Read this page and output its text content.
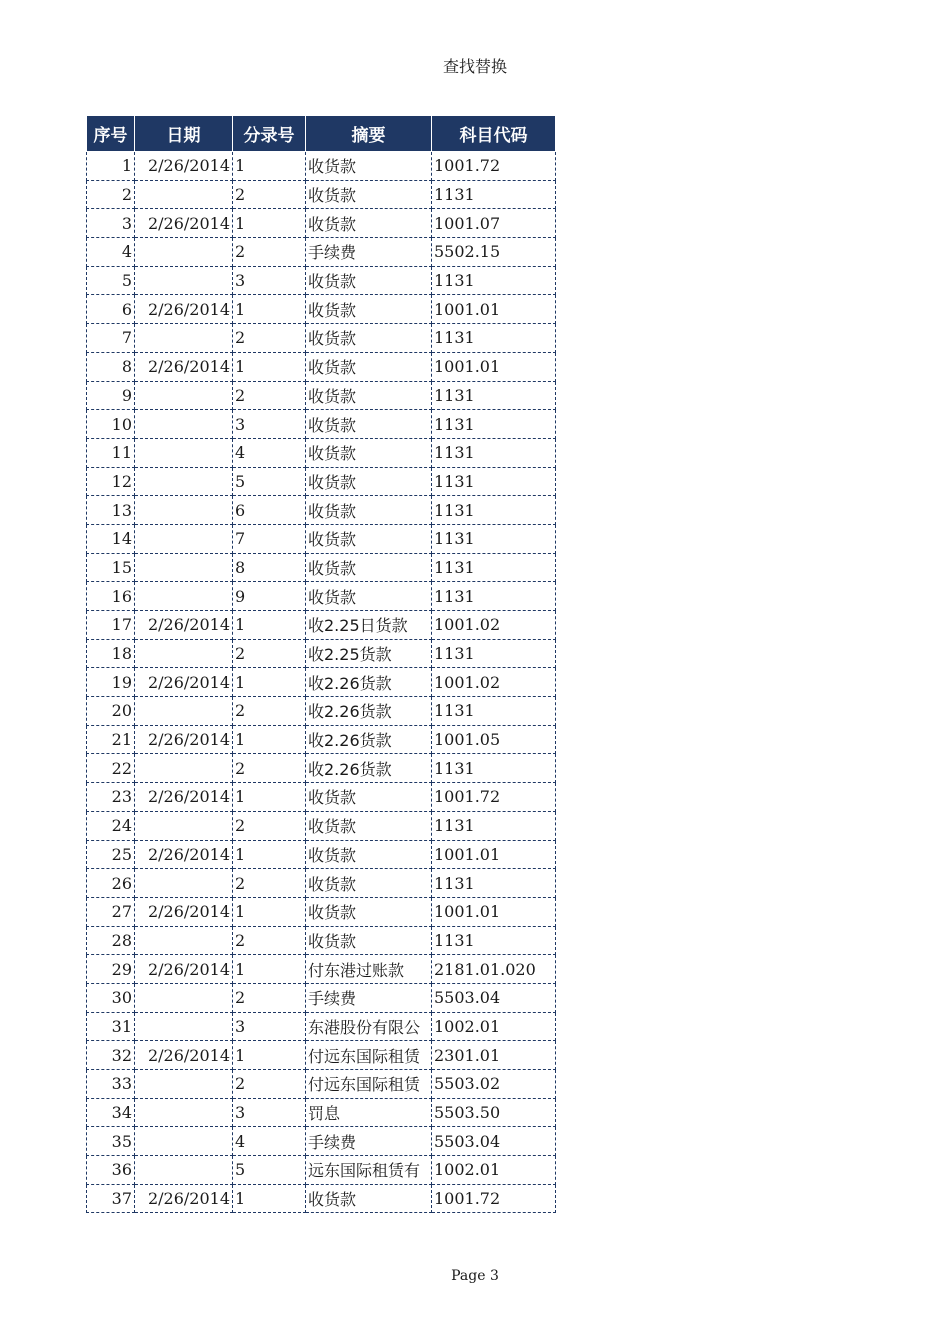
查找替换
序号	日期	分录号	摘要	科目代码
1	2/26/2014	1	收货款	1001.72
2		2	收货款	1131
3	2/26/2014	1	收货款	1001.07
4		2	手续费	5502.15
5		3	收货款	1131
6	2/26/2014	1	收货款	1001.01
7		2	收货款	1131
8	2/26/2014	1	收货款	1001.01
9		2	收货款	1131
10		3	收货款	1131
11		4	收货款	1131
12		5	收货款	1131
13		6	收货款	1131
14		7	收货款	1131
15		8	收货款	1131
16		9	收货款	1131
17	2/26/2014	1	收2.25日货款	1001.02
18		2	收2.25货款	1131
19	2/26/2014	1	收2.26货款	1001.02
20		2	收2.26货款	1131
21	2/26/2014	1	收2.26货款	1001.05
22		2	收2.26货款	1131
23	2/26/2014	1	收货款	1001.72
24		2	收货款	1131
25	2/26/2014	1	收货款	1001.01
26		2	收货款	1131
27	2/26/2014	1	收货款	1001.01
28		2	收货款	1131
29	2/26/2014	1	付东港过账款	2181.01.020
30		2	手续费	5503.04
31		3	东港股份有限公	1002.01
32	2/26/2014	1	付远东国际租赁	2301.01
33		2	付远东国际租赁	5503.02
34		3	罚息	5503.50
35		4	手续费	5503.04
36		5	远东国际租赁有	1002.01
37	2/26/2014	1	收货款	1001.72
Page 3
